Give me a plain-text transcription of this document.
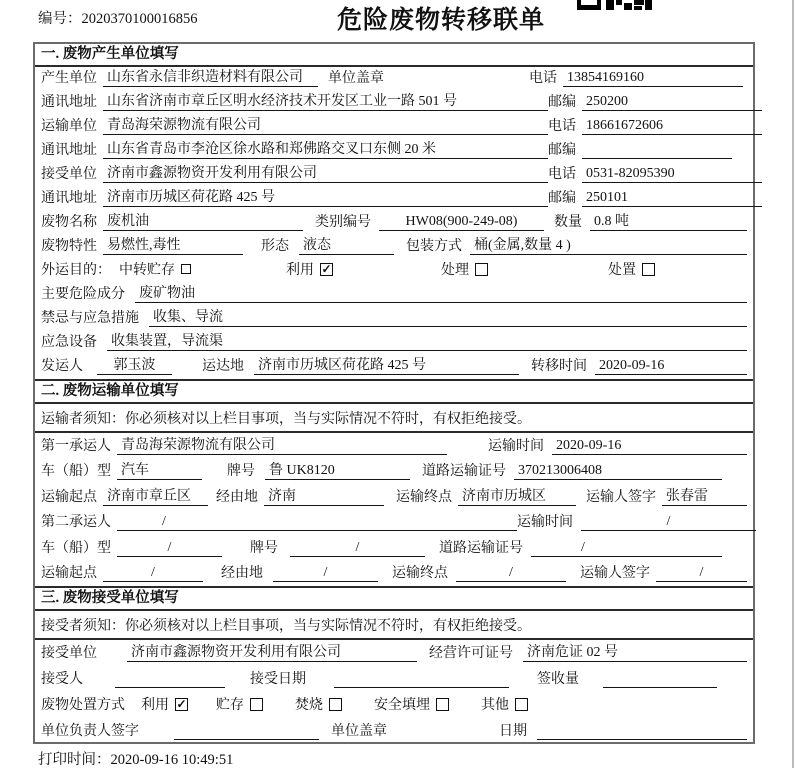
编号：2020370100016856	危险废物转移联单
一. 废物产生单位填写
产生单位 山东省永信非织造材料有限公司	单位盖章	电话 13854169160
通讯地址 山东省济南市章丘区明水经济技术开发区工业一路 501 号	邮编 250200
运输单位 青岛海荣源物流有限公司	电话 18661672606
通讯地址 山东省青岛市李沧区徐水路和郑佛路交叉口东侧 20 米	邮编
接受单位 济南市鑫源物资开发利用有限公司	电话 0531-82095390
通讯地址 济南市历城区荷花路 425 号	邮编 250101
废物名称 废机油	类别编号	HW08(900-249-08)	数量 0.8 吨
废物特性 易燃性,毒性	形态 液态	包装方式 桶(金属,数量 4 )
外运目的： 中转贮存	利用 ✓	处理	处置
主要危险成分 废矿物油
禁忌与应急措施 收集、导流
应急设备 收集装置，导流渠
发运人	郭玉波	运达地 济南市历城区荷花路 425 号	转移时间 2020-09-16
二. 废物运输单位填写
运输者须知： 你必须核对以上栏目事项，当与实际情况不符时，有权拒绝接受。
第一承运人 青岛海荣源物流有限公司	运输时间 2020-09-16
车（船）型 汽车	牌号 鲁 UK8120	道路运输证号 370213006408
运输起点 济南市章丘区	经由地 济南	运输终点 济南市历城区	运输人签字 张春雷
第二承运人	/	运输时间	/
车（船）型	/	牌号	/	道路运输证号	/
运输起点	/	经由地	/	运输终点	/	运输人签字	/
三. 废物接受单位填写
接受者须知： 你必须核对以上栏目事项，当与实际情况不符时，有权拒绝接受。
接受单位 济南市鑫源物资开发利用有限公司	经营许可证号 济南危证 02 号
接受人	接受日期	签收量
废物处置方式 利用 ✓ 贮存	焚烧	安全填埋	其他
单位负责人签字	单位盖章	日期
打印时间：2020-09-16 10:49:51
